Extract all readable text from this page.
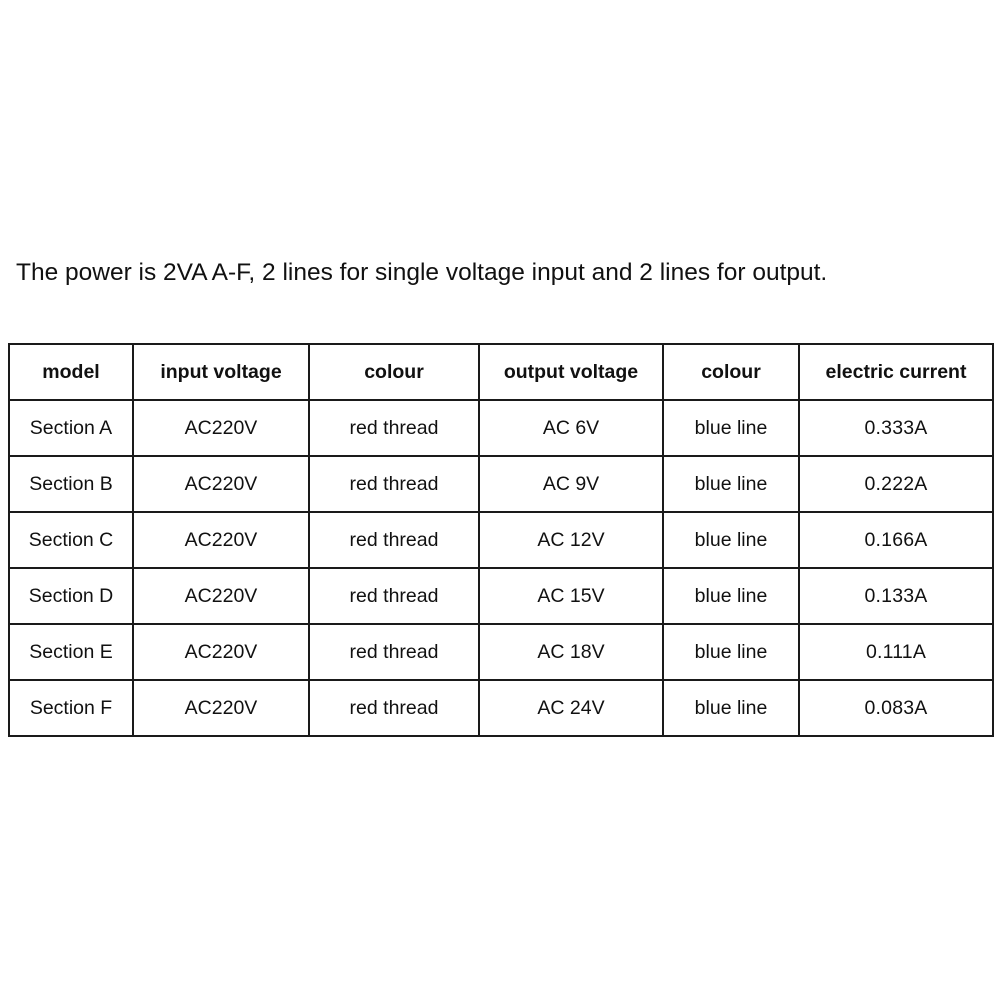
The power is 2VA A-F, 2 lines for single voltage input and 2 lines for output.
model	input voltage	colour	output voltage	colour	electric current
Section A	AC220V	red thread	AC 6V	blue line	0.333A
Section B	AC220V	red thread	AC 9V	blue line	0.222A
Section C	AC220V	red thread	AC 12V	blue line	0.166A
Section D	AC220V	red thread	AC 15V	blue line	0.133A
Section E	AC220V	red thread	AC 18V	blue line	0.111A
Section F	AC220V	red thread	AC 24V	blue line	0.083A
